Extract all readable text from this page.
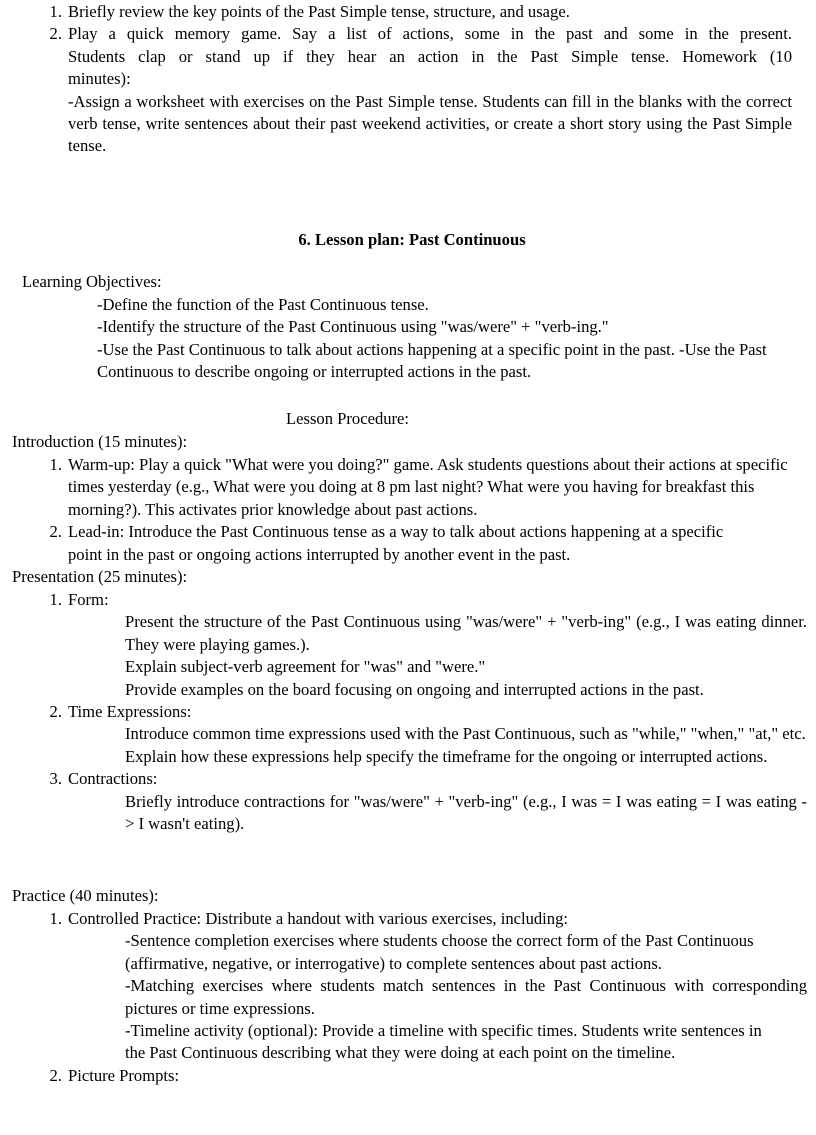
1. Briefly review the key points of the Past Simple tense, structure, and usage.
2. Play a quick memory game. Say a list of actions, some in the past and some in the present.
Students clap or stand up if they hear an action in the Past Simple tense. Homework (10
minutes):
-Assign a worksheet with exercises on the Past Simple tense. Students can fill in the blanks with the correct verb tense, write sentences about their past weekend activities, or create a short story using the Past Simple tense.
6. Lesson plan: Past Continuous
Learning Objectives:
-Define the function of the Past Continuous tense.
-Identify the structure of the Past Continuous using "was/were" + "verb-ing."
-Use the Past Continuous to talk about actions happening at a specific point in the past. -Use the Past Continuous to describe ongoing or interrupted actions in the past.
Lesson Procedure:
Introduction (15 minutes):
1. Warm-up: Play a quick "What were you doing?" game. Ask students questions about their actions at specific times yesterday (e.g., What were you doing at 8 pm last night? What were you having for breakfast this morning?). This activates prior knowledge about past actions.
2. Lead-in: Introduce the Past Continuous tense as a way to talk about actions happening at a specific point in the past or ongoing actions interrupted by another event in the past.
Presentation (25 minutes):
1. Form:
Present the structure of the Past Continuous using "was/were" + "verb-ing" (e.g., I was eating dinner. They were playing games.).
Explain subject-verb agreement for "was" and "were."
Provide examples on the board focusing on ongoing and interrupted actions in the past.
2. Time Expressions:
Introduce common time expressions used with the Past Continuous, such as "while," "when," "at," etc.
Explain how these expressions help specify the timeframe for the ongoing or interrupted actions.
3. Contractions:
Briefly introduce contractions for "was/were" + "verb-ing" (e.g., I was = I was eating = I was eating -> I wasn't eating).
Practice (40 minutes):
1. Controlled Practice: Distribute a handout with various exercises, including:
-Sentence completion exercises where students choose the correct form of the Past Continuous (affirmative, negative, or interrogative) to complete sentences about past actions.
-Matching exercises where students match sentences in the Past Continuous with corresponding pictures or time expressions.
-Timeline activity (optional): Provide a timeline with specific times. Students write sentences in the Past Continuous describing what they were doing at each point on the timeline.
2. Picture Prompts:
